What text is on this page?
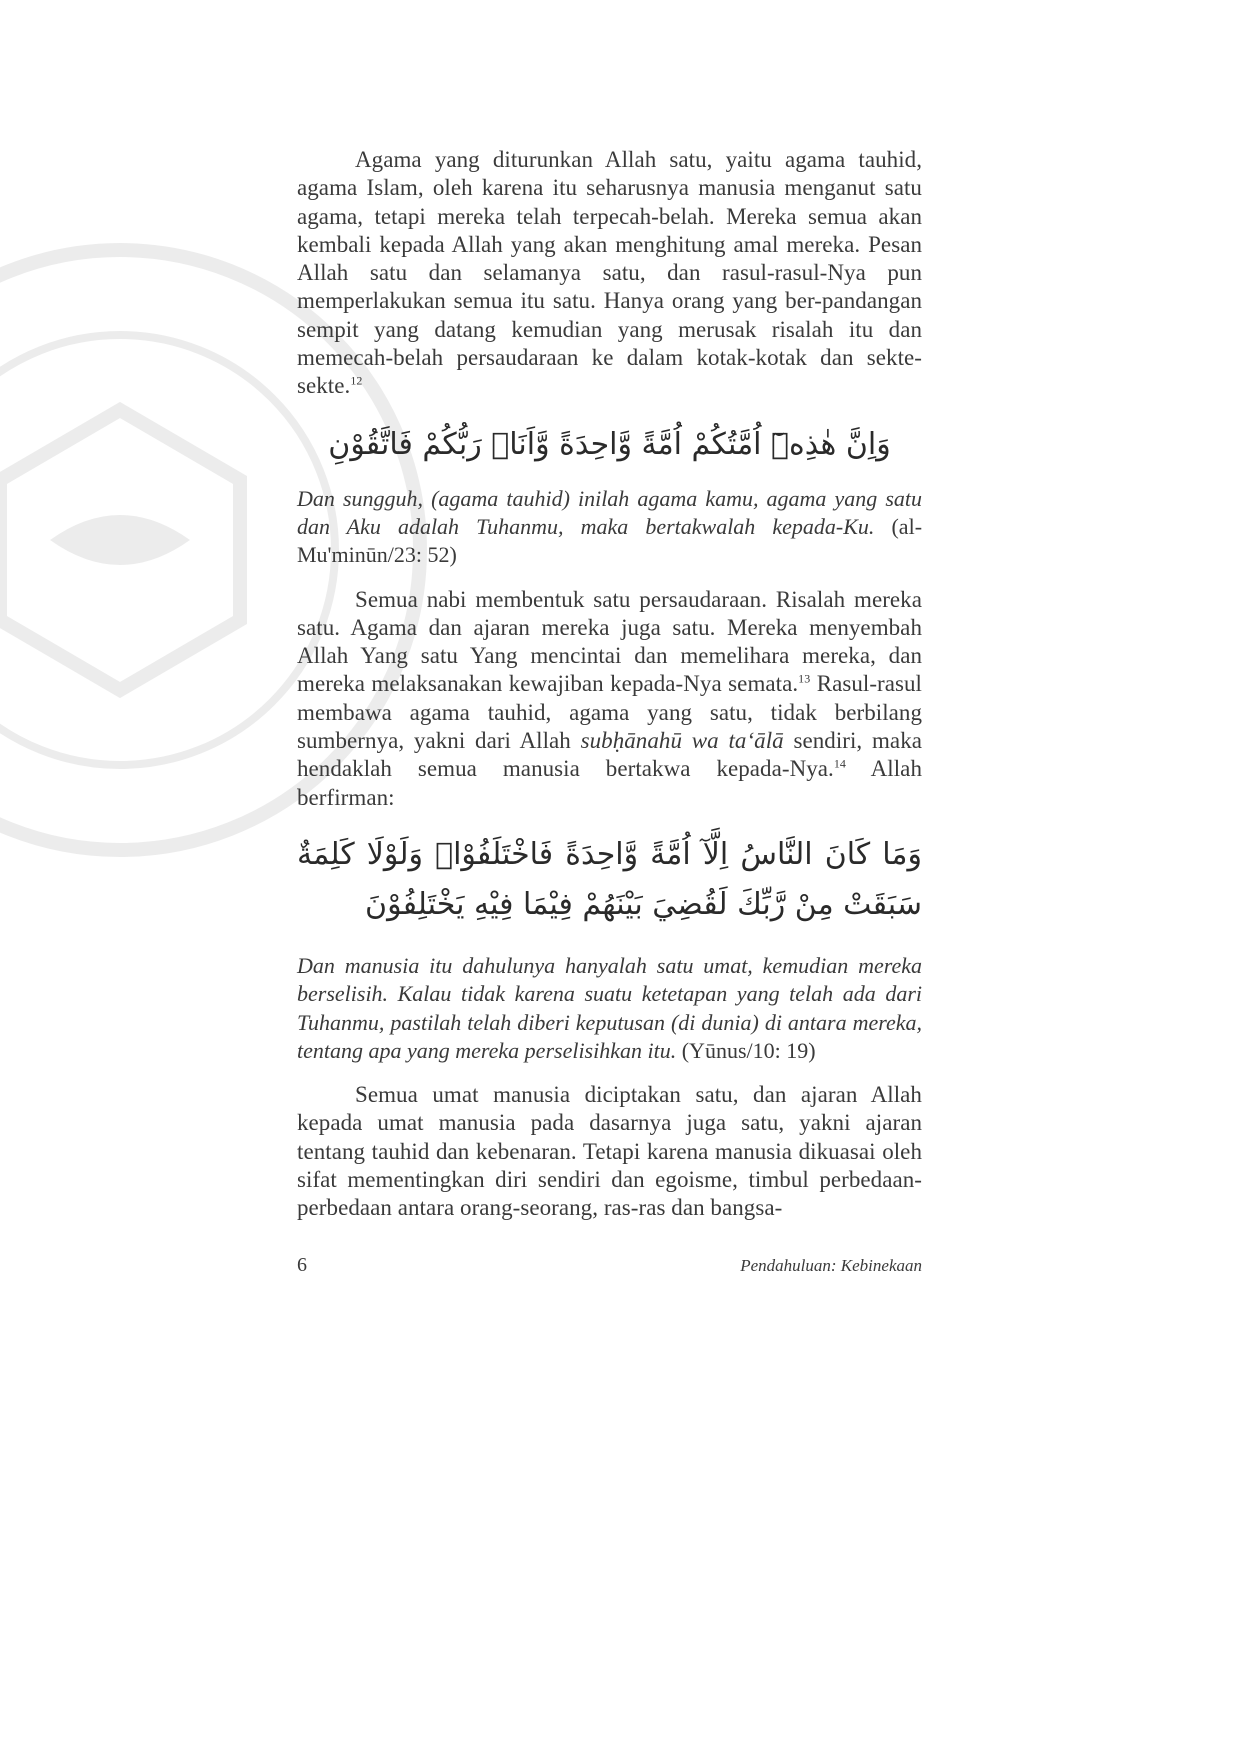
Agama yang diturunkan Allah satu, yaitu agama tauhid, agama Islam, oleh karena itu seharusnya manusia menganut satu agama, tetapi mereka telah terpecah-belah. Mereka semua akan kembali kepada Allah yang akan menghitung amal mereka. Pesan Allah satu dan selamanya satu, dan rasul-rasul-Nya pun memperlakukan semua itu satu. Hanya orang yang ber-pandangan sempit yang datang kemudian yang merusak risalah itu dan memecah-belah persaudaraan ke dalam kotak-kotak dan sekte-sekte.$^{12}$

وَاِنَّ هٰذِهٖٓ اُمَّتُكُمْ اُمَّةً وَّاحِدَةً وَّاَنَا۠ رَبُّكُمْ فَاتَّقُوْنِ

Dan sungguh, (agama tauhid) inilah agama kamu, agama yang satu dan Aku adalah Tuhanmu, maka bertakwalah kepada-Ku. (al-Mu'minūn/23: 52)

Semua nabi membentuk satu persaudaraan. Risalah mereka satu. Agama dan ajaran mereka juga satu. Mereka menyembah Allah Yang satu Yang mencintai dan memelihara mereka, dan mereka melaksanakan kewajiban kepada-Nya semata.$^{13}$ Rasul-rasul membawa agama tauhid, agama yang satu, tidak berbilang sumbernya, yakni dari Allah subḥānahū wa ta‘ālā sendiri, maka hendaklah semua manusia bertakwa kepada-Nya.$^{14}$ Allah berfirman:

وَمَا كَانَ النَّاسُ اِلَّآ اُمَّةً وَّاحِدَةً فَاخْتَلَفُوْاۗ وَلَوْلَا كَلِمَةٌ سَبَقَتْ مِنْ رَّبِّكَ لَقُضِيَ بَيْنَهُمْ فِيْمَا فِيْهِ يَخْتَلِفُوْنَ

Dan manusia itu dahulunya hanyalah satu umat, kemudian mereka berselisih. Kalau tidak karena suatu ketetapan yang telah ada dari Tuhanmu, pastilah telah diberi keputusan (di dunia) di antara mereka, tentang apa yang mereka perselisihkan itu. (Yūnus/10: 19)

Semua umat manusia diciptakan satu, dan ajaran Allah kepada umat manusia pada dasarnya juga satu, yakni ajaran tentang tauhid dan kebenaran. Tetapi karena manusia dikuasai oleh sifat mementingkan diri sendiri dan egoisme, timbul perbedaan-perbedaan antara orang-seorang, ras-ras dan bangsa-

6	Pendahuluan: Kebinekaan
